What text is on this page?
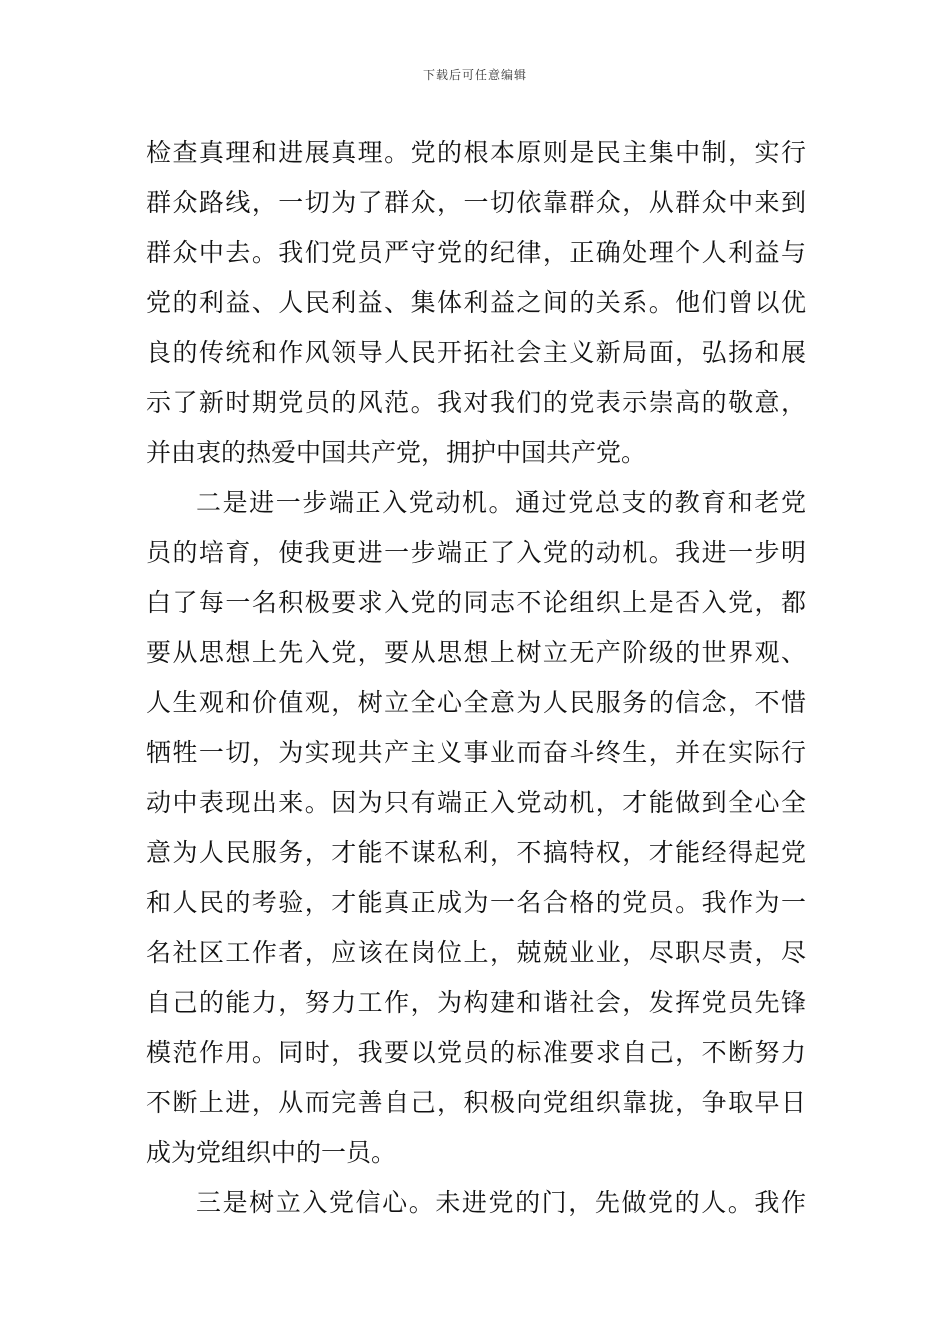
下载后可任意编辑
检查真理和进展真理。党的根本原则是民主集中制，实行
群众路线，一切为了群众，一切依靠群众，从群众中来到
群众中去。我们党员严守党的纪律，正确处理个人利益与
党的利益、人民利益、集体利益之间的关系。他们曾以优
良的传统和作风领导人民开拓社会主义新局面，弘扬和展
示了新时期党员的风范。我对我们的党表示崇高的敬意，
并由衷的热爱中国共产党，拥护中国共产党。
二是进一步端正入党动机。通过党总支的教育和老党
员的培育，使我更进一步端正了入党的动机。我进一步明
白了每一名积极要求入党的同志不论组织上是否入党，都
要从思想上先入党，要从思想上树立无产阶级的世界观、
人生观和价值观，树立全心全意为人民服务的信念，不惜
牺牲一切，为实现共产主义事业而奋斗终生，并在实际行
动中表现出来。因为只有端正入党动机，才能做到全心全
意为人民服务，才能不谋私利，不搞特权，才能经得起党
和人民的考验，才能真正成为一名合格的党员。我作为一
名社区工作者，应该在岗位上，兢兢业业，尽职尽责，尽
自己的能力，努力工作，为构建和谐社会，发挥党员先锋
模范作用。同时，我要以党员的标准要求自己，不断努力
不断上进，从而完善自己，积极向党组织靠拢，争取早日
成为党组织中的一员。
三是树立入党信心。未进党的门，先做党的人。我作
